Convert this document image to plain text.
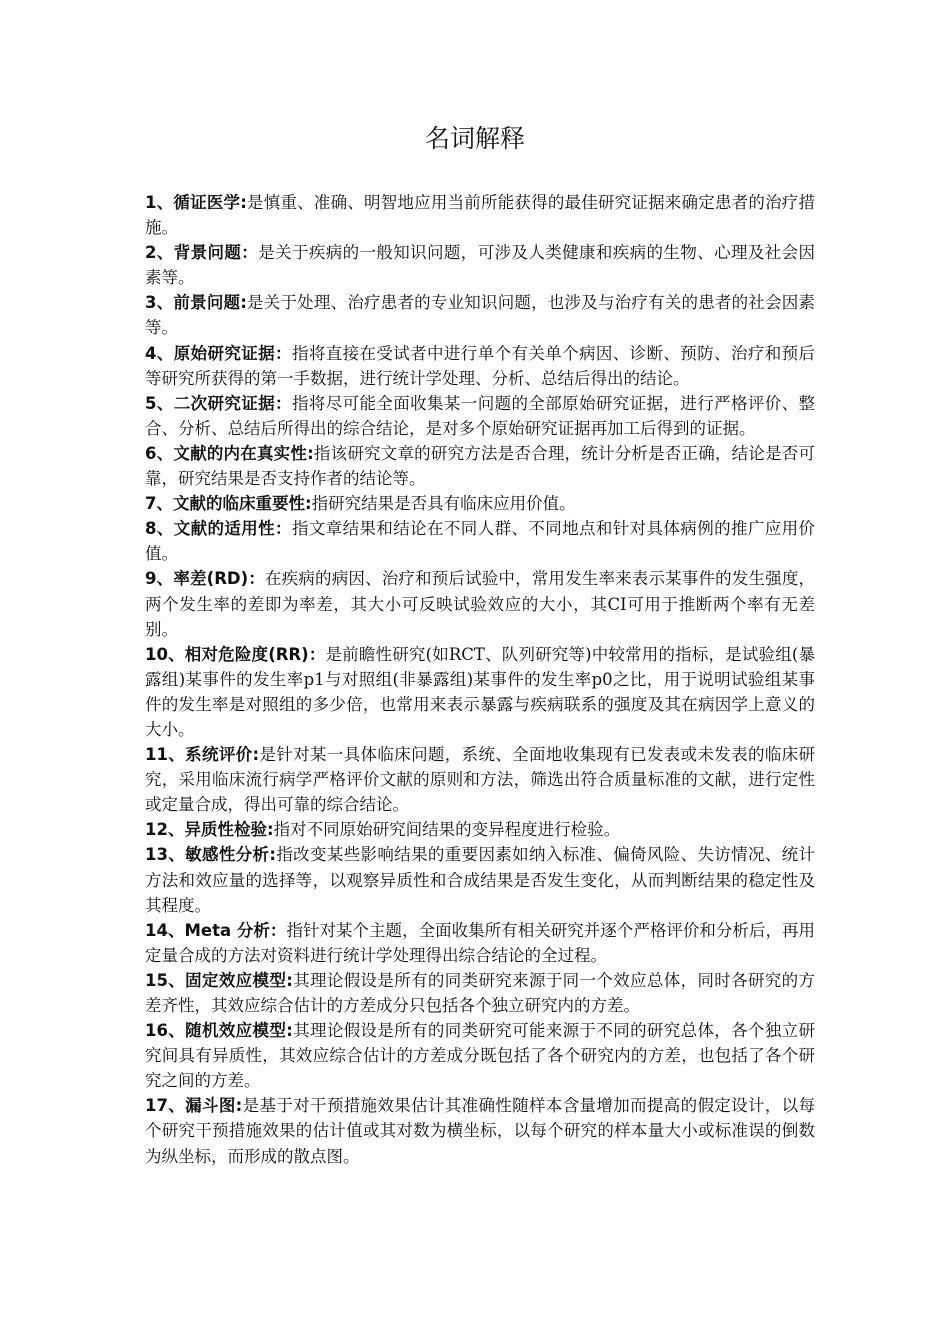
名词解释
1、循证医学:是慎重、准确、明智地应用当前所能获得的最佳研究证据来确定患者的治疗措施。
2、背景问题：是关于疾病的一般知识问题，可涉及人类健康和疾病的生物、心理及社会因素等。
3、前景问题:是关于处理、治疗患者的专业知识问题，也涉及与治疗有关的患者的社会因素等。
4、原始研究证据：指将直接在受试者中进行单个有关单个病因、诊断、预防、治疗和预后等研究所获得的第一手数据，进行统计学处理、分析、总结后得出的结论。
5、二次研究证据：指将尽可能全面收集某一问题的全部原始研究证据，进行严格评价、整合、分析、总结后所得出的综合结论，是对多个原始研究证据再加工后得到的证据。
6、文献的内在真实性:指该研究文章的研究方法是否合理，统计分析是否正确，结论是否可靠，研究结果是否支持作者的结论等。
7、文献的临床重要性:指研究结果是否具有临床应用价值。
8、文献的适用性：指文章结果和结论在不同人群、不同地点和针对具体病例的推广应用价值。
9、率差(RD)：在疾病的病因、治疗和预后试验中，常用发生率来表示某事件的发生强度，两个发生率的差即为率差，其大小可反映试验效应的大小，其CI可用于推断两个率有无差别。
10、相对危险度(RR)：是前瞻性研究(如RCT、队列研究等)中较常用的指标，是试验组(暴露组)某事件的发生率p1与对照组(非暴露组)某事件的发生率p0之比，用于说明试验组某事件的发生率是对照组的多少倍，也常用来表示暴露与疾病联系的强度及其在病因学上意义的大小。
11、系统评价:是针对某一具体临床问题，系统、全面地收集现有已发表或未发表的临床研究，采用临床流行病学严格评价文献的原则和方法，筛选出符合质量标准的文献，进行定性或定量合成，得出可靠的综合结论。
12、异质性检验:指对不同原始研究间结果的变异程度进行检验。
13、敏感性分析:指改变某些影响结果的重要因素如纳入标准、偏倚风险、失访情况、统计方法和效应量的选择等，以观察异质性和合成结果是否发生变化，从而判断结果的稳定性及其程度。
14、Meta 分析：指针对某个主题，全面收集所有相关研究并逐个严格评价和分析后，再用定量合成的方法对资料进行统计学处理得出综合结论的全过程。
15、固定效应模型:其理论假设是所有的同类研究来源于同一个效应总体，同时各研究的方差齐性，其效应综合估计的方差成分只包括各个独立研究内的方差。
16、随机效应模型:其理论假设是所有的同类研究可能来源于不同的研究总体，各个独立研究间具有异质性，其效应综合估计的方差成分既包括了各个研究内的方差，也包括了各个研究之间的方差。
17、漏斗图:是基于对干预措施效果估计其准确性随样本含量增加而提高的假定设计，以每个研究干预措施效果的估计值或其对数为横坐标，以每个研究的样本量大小或标准误的倒数为纵坐标，而形成的散点图。
